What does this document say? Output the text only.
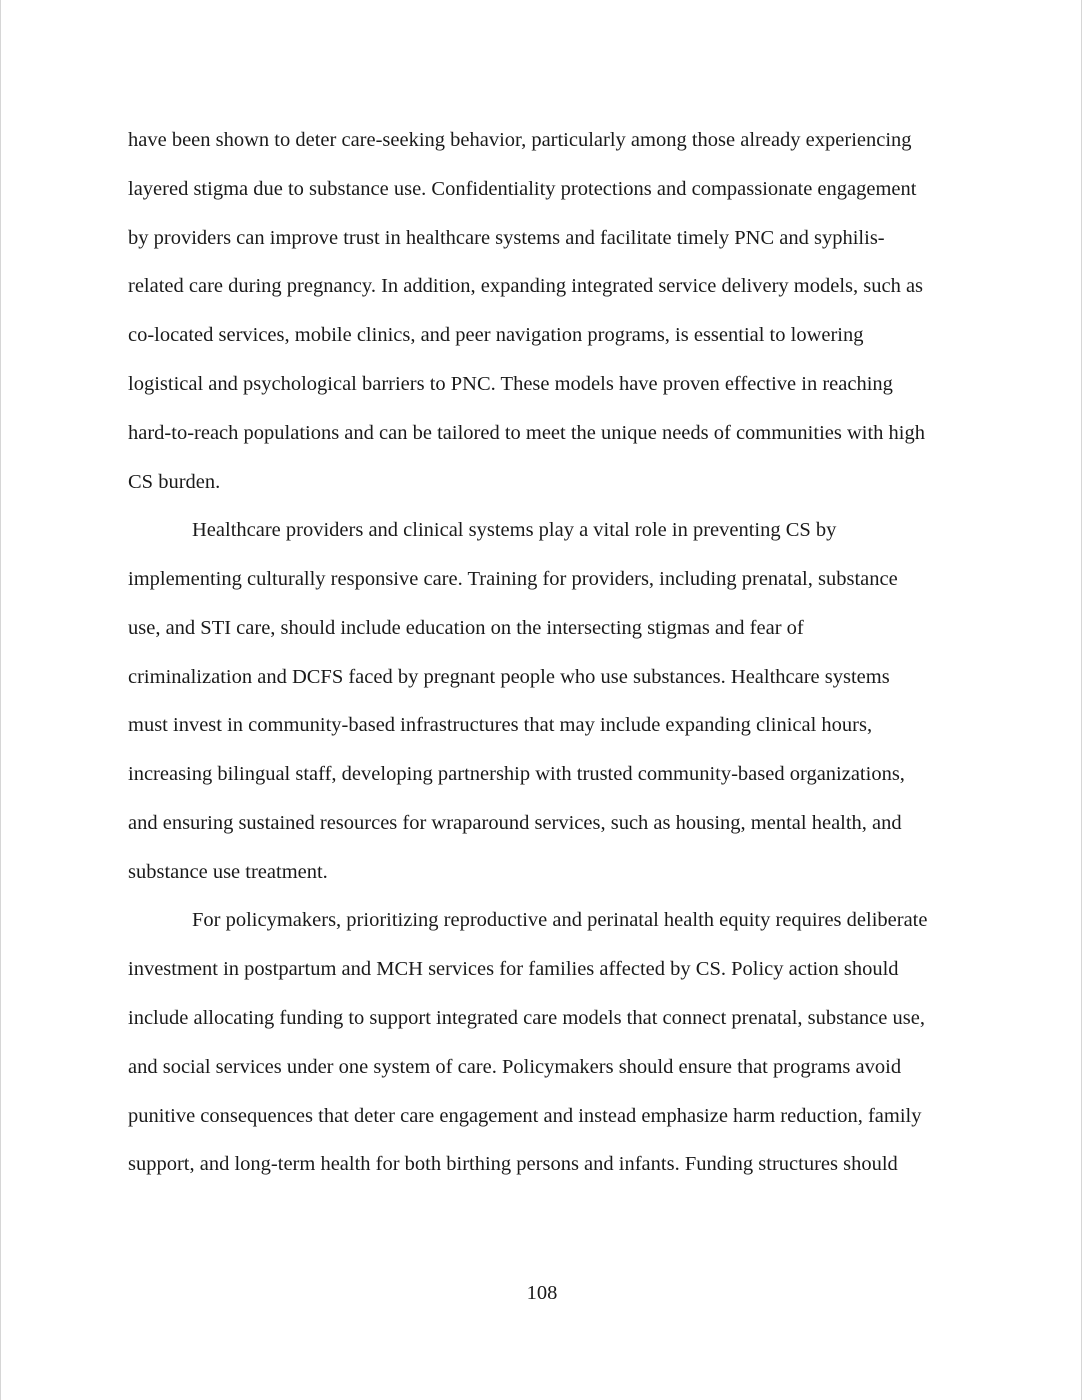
have been shown to deter care-seeking behavior, particularly among those already experiencing
layered stigma due to substance use. Confidentiality protections and compassionate engagement
by providers can improve trust in healthcare systems and facilitate timely PNC and syphilis-
related care during pregnancy. In addition, expanding integrated service delivery models, such as
co-located services, mobile clinics, and peer navigation programs, is essential to lowering
logistical and psychological barriers to PNC. These models have proven effective in reaching
hard-to-reach populations and can be tailored to meet the unique needs of communities with high
CS burden.
Healthcare providers and clinical systems play a vital role in preventing CS by
implementing culturally responsive care. Training for providers, including prenatal, substance
use, and STI care, should include education on the intersecting stigmas and fear of
criminalization and DCFS faced by pregnant people who use substances. Healthcare systems
must invest in community-based infrastructures that may include expanding clinical hours,
increasing bilingual staff, developing partnership with trusted community-based organizations,
and ensuring sustained resources for wraparound services, such as housing, mental health, and
substance use treatment.
For policymakers, prioritizing reproductive and perinatal health equity requires deliberate
investment in postpartum and MCH services for families affected by CS. Policy action should
include allocating funding to support integrated care models that connect prenatal, substance use,
and social services under one system of care. Policymakers should ensure that programs avoid
punitive consequences that deter care engagement and instead emphasize harm reduction, family
support, and long-term health for both birthing persons and infants. Funding structures should
108
